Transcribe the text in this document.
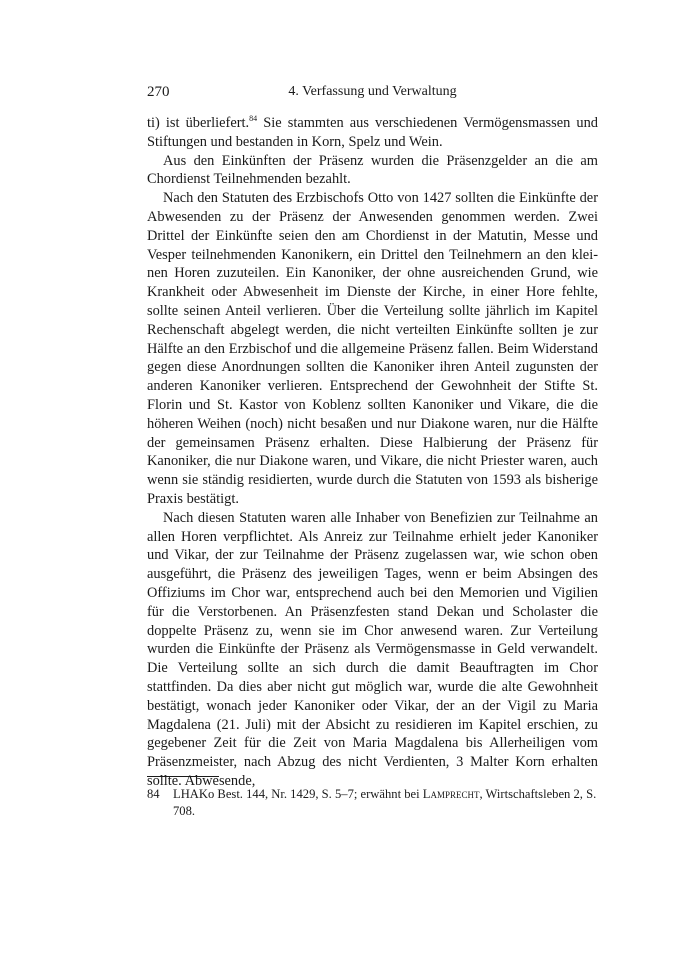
270	4. Verfassung und Verwaltung

ti) ist überliefert.$^{84}$ Sie stammten aus verschiedenen Vermögensmassen und Stiftungen und bestanden in Korn, Spelz und Wein.

Aus den Einkünften der Präsenz wurden die Präsenzgelder an die am Chordienst Teilnehmenden bezahlt.

Nach den Statuten des Erzbischofs Otto von 1427 sollten die Einkünfte der Abwesenden zu der Präsenz der Anwesenden genommen werden. Zwei Drittel der Einkünfte seien den am Chordienst in der Matutin, Messe und Vesper teilnehmenden Kanonikern, ein Drittel den Teilnehmern an den kleinen Horen zuzuteilen. Ein Kanoniker, der ohne ausreichenden Grund, wie Krankheit oder Abwesenheit im Dienste der Kirche, in einer Hore fehlte, sollte seinen Anteil verlieren. Über die Verteilung sollte jährlich im Kapitel Rechenschaft abgelegt werden, die nicht verteilten Einkünfte sollten je zur Hälfte an den Erzbischof und die allgemeine Präsenz fallen. Beim Widerstand gegen diese Anordnungen sollten die Kanoniker ihren Anteil zugunsten der anderen Kanoniker verlieren. Entsprechend der Gewohnheit der Stifte St. Florin und St. Kastor von Koblenz sollten Kanoniker und Vikare, die die höheren Weihen (noch) nicht besaßen und nur Diakone waren, nur die Hälfte der gemeinsamen Präsenz erhalten. Diese Halbierung der Präsenz für Kanoniker, die nur Diakone waren, und Vikare, die nicht Priester waren, auch wenn sie ständig residierten, wurde durch die Statuten von 1593 als bisherige Praxis bestätigt.

Nach diesen Statuten waren alle Inhaber von Benefizien zur Teilnahme an allen Horen verpflichtet. Als Anreiz zur Teilnahme erhielt jeder Kanoniker und Vikar, der zur Teilnahme der Präsenz zugelassen war, wie schon oben ausgeführt, die Präsenz des jeweiligen Tages, wenn er beim Absingen des Offiziums im Chor war, entsprechend auch bei den Memorien und Vigilien für die Verstorbenen. An Präsenzfesten stand Dekan und Scholaster die doppelte Präsenz zu, wenn sie im Chor anwesend waren. Zur Verteilung wurden die Einkünfte der Präsenz als Vermögensmasse in Geld verwandelt. Die Verteilung sollte an sich durch die damit Beauftragten im Chor stattfinden. Da dies aber nicht gut möglich war, wurde die alte Gewohnheit bestätigt, wonach jeder Kanoniker oder Vikar, der an der Vigil zu Maria Magdalena (21. Juli) mit der Absicht zu residieren im Kapitel erschien, zu gegebener Zeit für die Zeit von Maria Magdalena bis Allerheiligen vom Präsenzmeister, nach Abzug des nicht Verdienten, 3 Malter Korn erhalten sollte. Abwesende,

84 LHAKo Best. 144, Nr. 1429, S. 5–7; erwähnt bei Lamprecht, Wirtschaftsleben 2, S. 708.
